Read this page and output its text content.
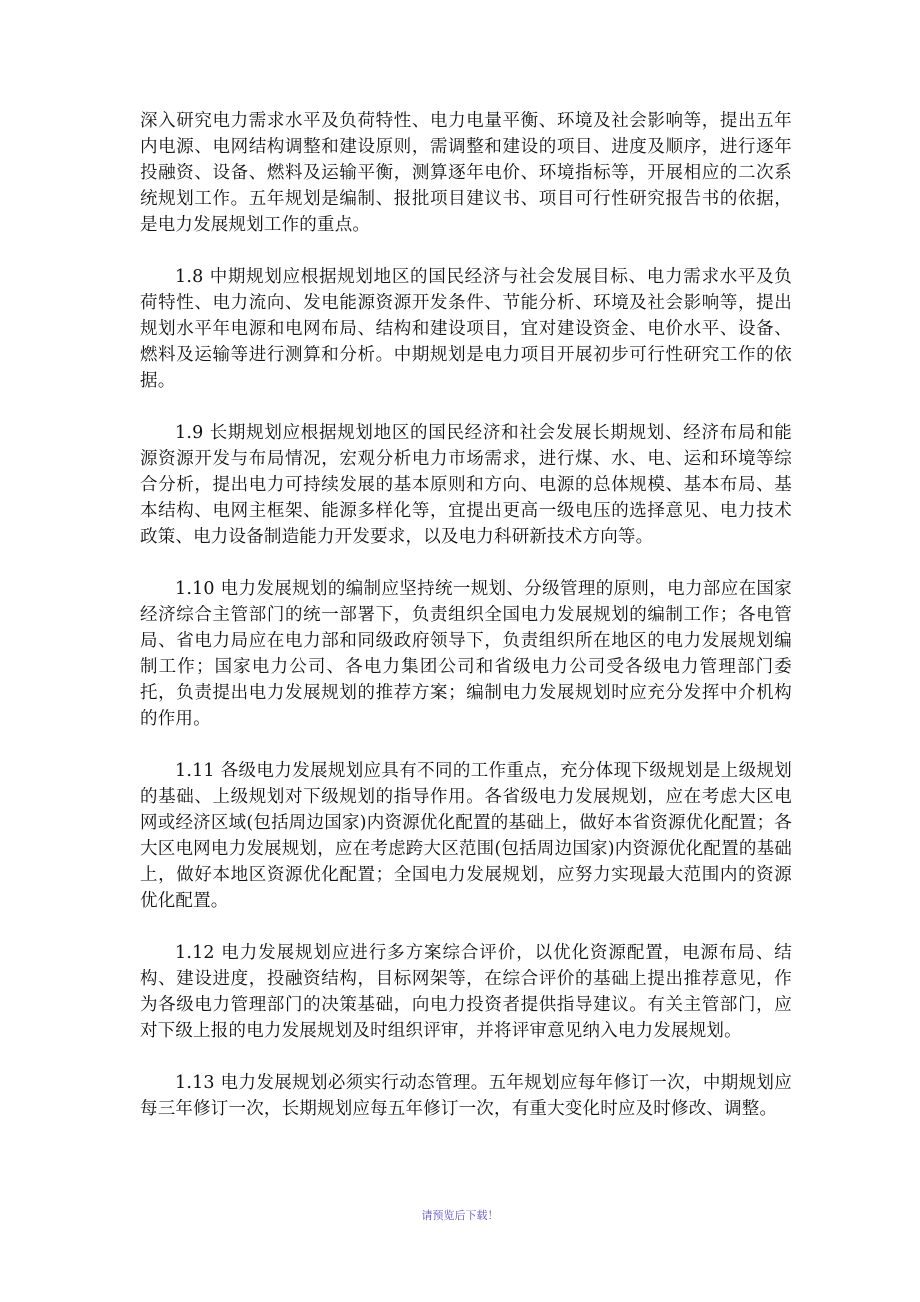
深入研究电力需求水平及负荷特性、电力电量平衡、环境及社会影响等，提出五年内电源、电网结构调整和建设原则，需调整和建设的项目、进度及顺序，进行逐年投融资、设备、燃料及运输平衡，测算逐年电价、环境指标等，开展相应的二次系统规划工作。五年规划是编制、报批项目建议书、项目可行性研究报告书的依据，是电力发展规划工作的重点。

1.8 中期规划应根据规划地区的国民经济与社会发展目标、电力需求水平及负荷特性、电力流向、发电能源资源开发条件、节能分析、环境及社会影响等，提出规划水平年电源和电网布局、结构和建设项目，宜对建设资金、电价水平、设备、燃料及运输等进行测算和分析。中期规划是电力项目开展初步可行性研究工作的依据。

1.9 长期规划应根据规划地区的国民经济和社会发展长期规划、经济布局和能源资源开发与布局情况，宏观分析电力市场需求，进行煤、水、电、运和环境等综合分析，提出电力可持续发展的基本原则和方向、电源的总体规模、基本布局、基本结构、电网主框架、能源多样化等，宜提出更高一级电压的选择意见、电力技术政策、电力设备制造能力开发要求，以及电力科研新技术方向等。

1.10 电力发展规划的编制应坚持统一规划、分级管理的原则，电力部应在国家经济综合主管部门的统一部署下，负责组织全国电力发展规划的编制工作；各电管局、省电力局应在电力部和同级政府领导下，负责组织所在地区的电力发展规划编制工作；国家电力公司、各电力集团公司和省级电力公司受各级电力管理部门委托，负责提出电力发展规划的推荐方案；编制电力发展规划时应充分发挥中介机构的作用。

1.11 各级电力发展规划应具有不同的工作重点，充分体现下级规划是上级规划的基础、上级规划对下级规划的指导作用。各省级电力发展规划，应在考虑大区电网或经济区域(包括周边国家)内资源优化配置的基础上，做好本省资源优化配置；各大区电网电力发展规划，应在考虑跨大区范围(包括周边国家)内资源优化配置的基础上，做好本地区资源优化配置；全国电力发展规划，应努力实现最大范围内的资源优化配置。

1.12 电力发展规划应进行多方案综合评价，以优化资源配置，电源布局、结构、建设进度，投融资结构，目标网架等，在综合评价的基础上提出推荐意见，作为各级电力管理部门的决策基础，向电力投资者提供指导建议。有关主管部门，应对下级上报的电力发展规划及时组织评审，并将评审意见纳入电力发展规划。

1.13 电力发展规划必须实行动态管理。五年规划应每年修订一次，中期规划应每三年修订一次，长期规划应每五年修订一次，有重大变化时应及时修改、调整。

请预览后下载！
